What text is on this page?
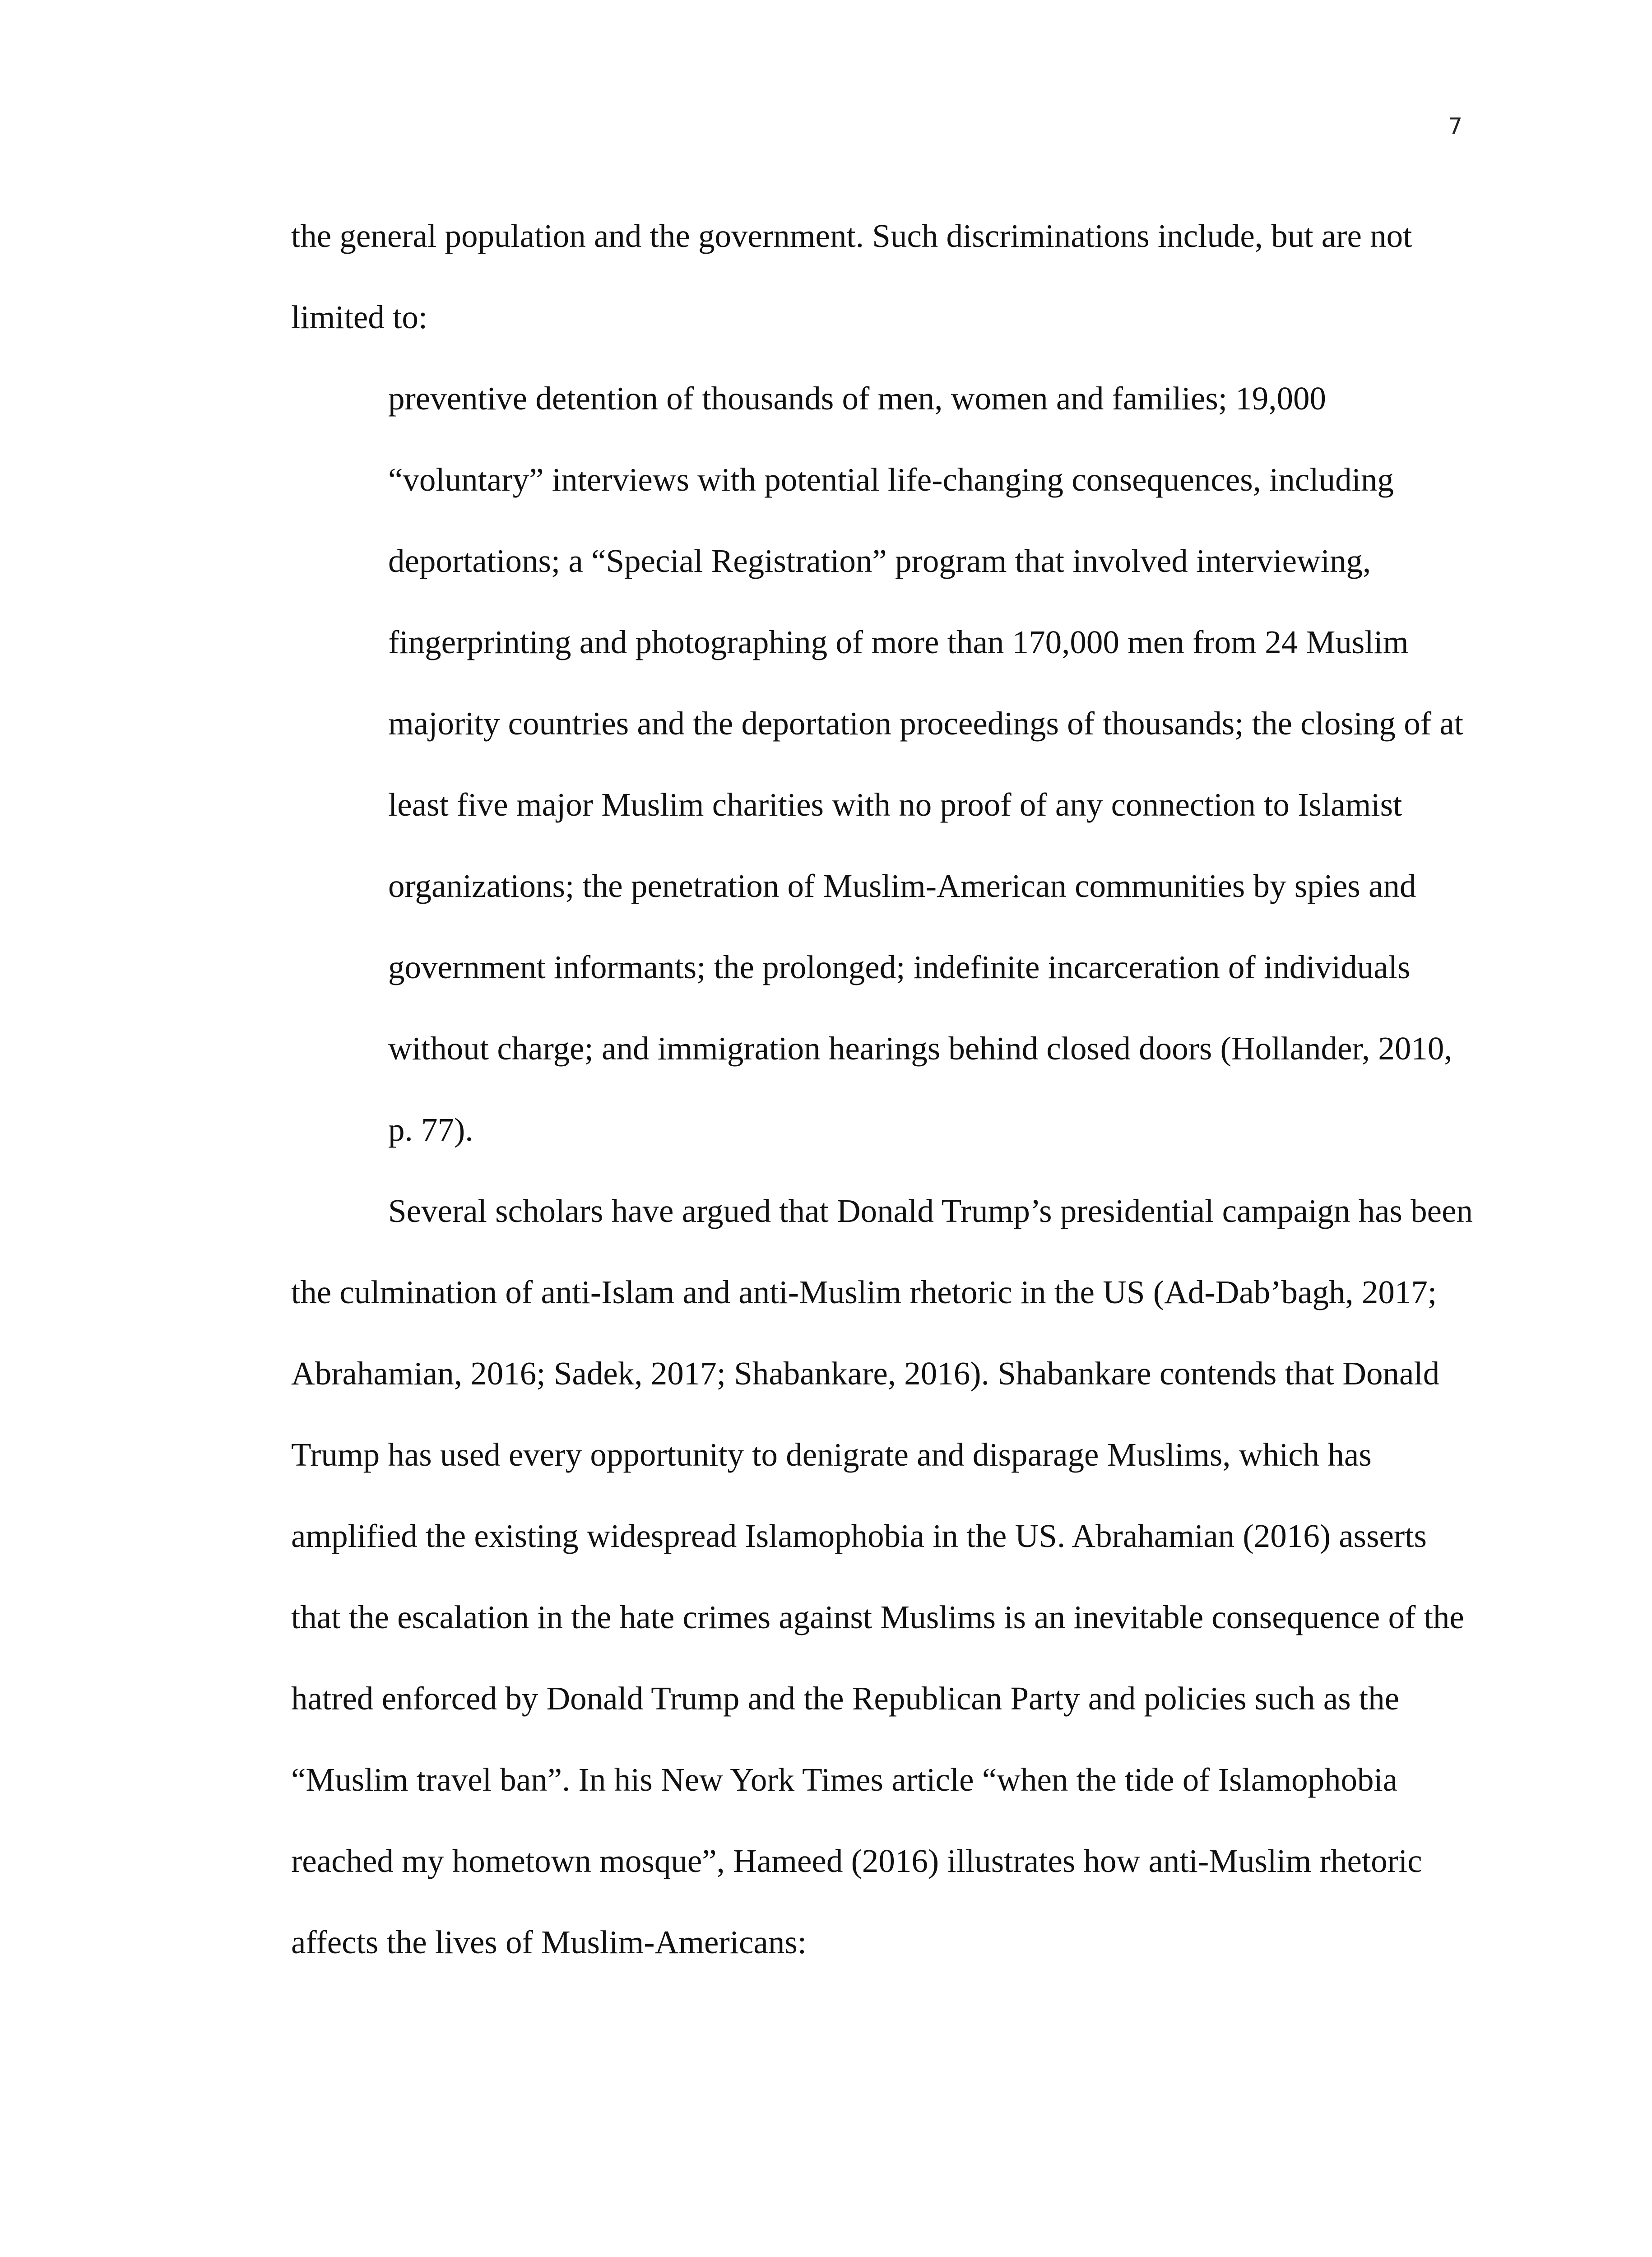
7
the general population and the government. Such discriminations include, but are not
limited to:
preventive detention of thousands of men, women and families; 19,000
“voluntary” interviews with potential life-changing consequences, including
deportations; a “Special Registration” program that involved interviewing,
fingerprinting and photographing of more than 170,000 men from 24 Muslim
majority countries and the deportation proceedings of thousands; the closing of at
least five major Muslim charities with no proof of any connection to Islamist
organizations; the penetration of Muslim-American communities by spies and
government informants; the prolonged; indefinite incarceration of individuals
without charge; and immigration hearings behind closed doors (Hollander, 2010,
p. 77).
Several scholars have argued that Donald Trump’s presidential campaign has been
the culmination of anti-Islam and anti-Muslim rhetoric in the US (Ad-Dab’bagh, 2017;
Abrahamian, 2016; Sadek, 2017; Shabankare, 2016). Shabankare contends that Donald
Trump has used every opportunity to denigrate and disparage Muslims, which has
amplified the existing widespread Islamophobia in the US. Abrahamian (2016) asserts
that the escalation in the hate crimes against Muslims is an inevitable consequence of the
hatred enforced by Donald Trump and the Republican Party and policies such as the
“Muslim travel ban”. In his New York Times article “when the tide of Islamophobia
reached my hometown mosque”, Hameed (2016) illustrates how anti-Muslim rhetoric
affects the lives of Muslim-Americans:
